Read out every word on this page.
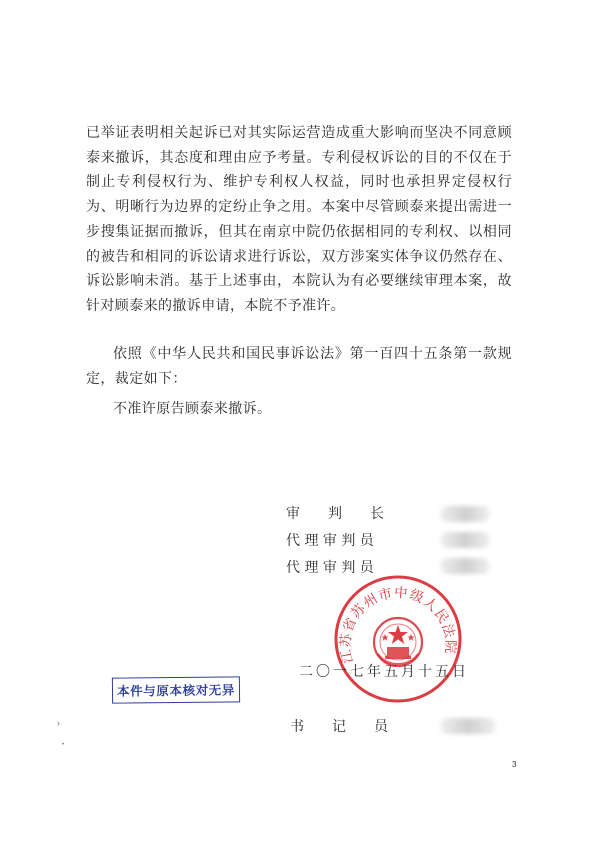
已举证表明相关起诉已对其实际运营造成重大影响而坚决不同意顾泰来撤诉，其态度和理由应予考量。专利侵权诉讼的目的不仅在于制止专利侵权行为、维护专利权人权益，同时也承担界定侵权行为、明晰行为边界的定纷止争之用。本案中尽管顾泰来提出需进一步搜集证据而撤诉，但其在南京中院仍依据相同的专利权、以相同的被告和相同的诉讼请求进行诉讼，双方涉案实体争议仍然存在、诉讼影响未消。基于上述事由，本院认为有必要继续审理本案，故针对顾泰来的撤诉申请，本院不予准许。

依照《中华人民共和国民事诉讼法》第一百四十五条第一款规定，裁定如下：

不准许原告顾泰来撤诉。

审　　判　　长
代 理 审 判 员
代 理 审 判 员
江苏省苏州市中级人民法院
二〇一七年五月十五日
本件与原本核对无异
书　　记　　员
3
›
•
